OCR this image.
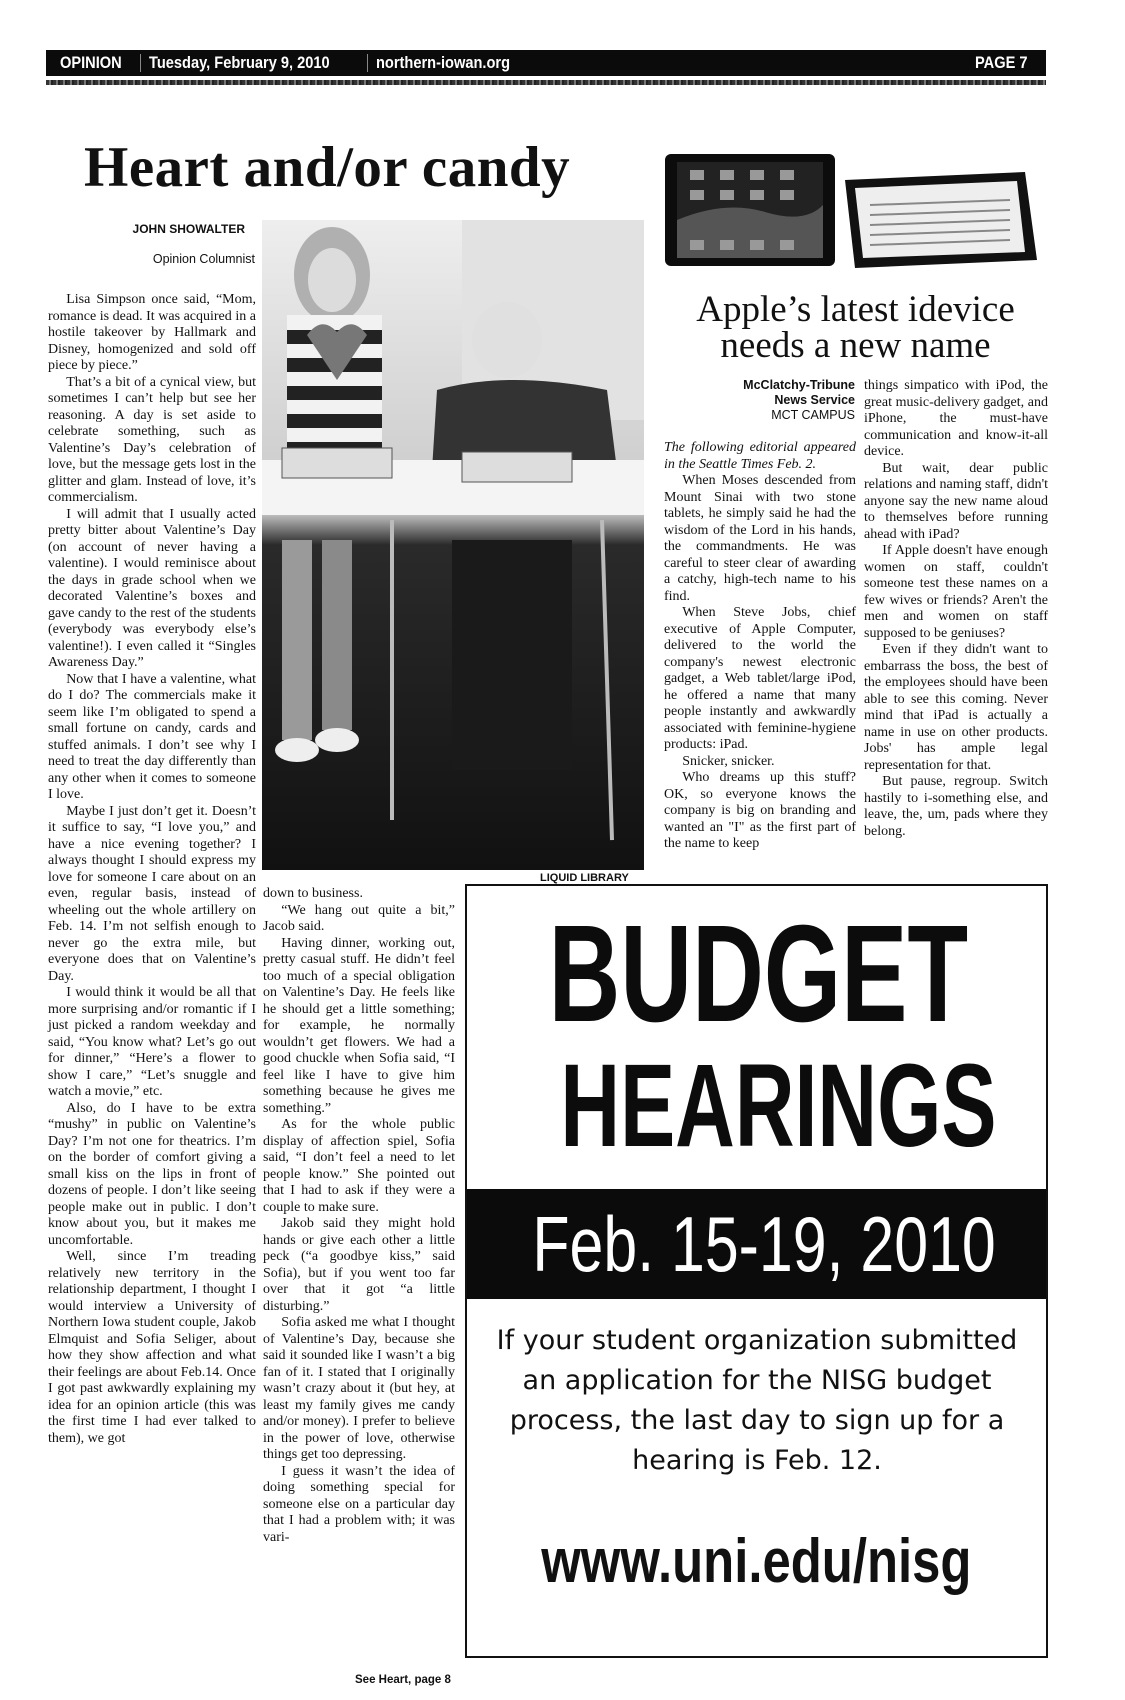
OPINION Tuesday, February 9, 2010	northern-iowan.org	PAGE 7
Heart and/or candy
JOHN SHOWALTER
Opinion Columnist

Lisa Simpson once said, “Mom, romance is dead. It was acquired in a hostile takeover by Hallmark and Disney, homogenized and sold off piece by piece.”

That’s a bit of a cynical view, but sometimes I can’t help but see her reasoning. A day is set aside to celebrate something, such as Valentine’s Day’s celebration of love, but the message gets lost in the glitter and glam. Instead of love, it’s commercialism.

I will admit that I usually acted pretty bitter about Valentine’s Day (on account of never having a valentine). I would reminisce about the days in grade school when we decorated Valentine’s boxes and gave candy to the rest of the students (everybody was everybody else’s valentine!). I even called it “Singles Awareness Day.”

Now that I have a valentine, what do I do? The commercials make it seem like I’m obligated to spend a small fortune on candy, cards and stuffed animals. I don’t see why I need to treat the day differently than any other when it comes to someone I love.

Maybe I just don’t get it. Doesn’t it suffice to say, “I love you,” and have a nice evening together? I always thought I should express my love for someone I care about on an even, regular basis, instead of wheeling out the whole artillery on Feb. 14. I’m not selfish enough to never go the extra mile, but everyone does that on Valentine’s Day.

I would think it would be all that more surprising and/or romantic if I just picked a random weekday and said, “You know what? Let’s go out for dinner,” “Here’s a flower to show I care,” “Let’s snuggle and watch a movie,” etc.

Also, do I have to be extra “mushy” in public on Valentine’s Day? I’m not one for theatrics. I’m on the border of comfort giving a small kiss on the lips in front of dozens of people. I don’t like seeing people make out in public. I don’t know about you, but it makes me uncomfortable.

Well, since I’m treading relatively new territory in the relationship department, I thought I would interview a University of Northern Iowa student couple, Jakob Elmquist and Sofia Seliger, about how they show affection and what their feelings are about Feb.14. Once I got past awkwardly explaining my idea for an opinion article (this was the first time I had ever talked to them), we got

LIQUID LIBRARY

down to business.

“We hang out quite a bit,” Jacob said.

Having dinner, working out, pretty casual stuff. He didn’t feel too much of a special obligation on Valentine’s Day. He feels like he should get a little something; for example, he normally wouldn’t get flowers. We had a good chuckle when Sofia said, “I feel like I have to give him something because he gives me something.”

As for the whole public display of affection spiel, Sofia said, “I don’t feel a need to let people know.” She pointed out that I had to ask if they were a couple to make sure.

Jakob said they might hold hands or give each other a little peck (“a goodbye kiss,” said Sofia), but if you went too far over that it got “a little disturbing.”

Sofia asked me what I thought of Valentine’s Day, because she said it sounded like I wasn’t a big fan of it. I stated that I originally wasn’t crazy about it (but hey, at least my family gives me candy and/or money). I prefer to believe in the power of love, otherwise things get too depressing.

I guess it wasn’t the idea of doing something special for someone else on a particular day that I had a problem with; it was vari-

See Heart, page 8
Apple’s latest idevice needs a new name
McClatchy-Tribune
News Service
MCT CAMPUS

The following editorial appeared in the Seattle Times Feb. 2.

When Moses descended from Mount Sinai with two stone tablets, he simply said he had the wisdom of the Lord in his hands, the commandments. He was careful to steer clear of awarding a catchy, high-tech name to his find.

When Steve Jobs, chief executive of Apple Computer, delivered to the world the company's newest electronic gadget, a Web tablet/large iPod, he offered a name that many people instantly and awkwardly associated with feminine-hygiene products: iPad.

Snicker, snicker.

Who dreams up this stuff? OK, so everyone knows the company is big on branding and wanted an "I" as the first part of the name to keep

things simpatico with iPod, the great music-delivery gadget, and iPhone, the must-have communication and know-it-all device.

But wait, dear public relations and naming staff, didn't anyone say the new name aloud to themselves before running ahead with iPad?

If Apple doesn't have enough women on staff, couldn't someone test these names on a few wives or friends? Aren't the men and women on staff supposed to be geniuses?

Even if they didn't want to embarrass the boss, the best of the employees should have been able to see this coming. Never mind that iPad is actually a name in use on other products. Jobs' has ample legal representation for that.

But pause, regroup. Switch hastily to i-something else, and leave, the, um, pads where they belong.

BUDGET
HEARINGS
Feb. 15-19, 2010
If your student organization submitted an application for the NISG budget process, the last day to sign up for a hearing is Feb. 12.
www.uni.edu/nisg
